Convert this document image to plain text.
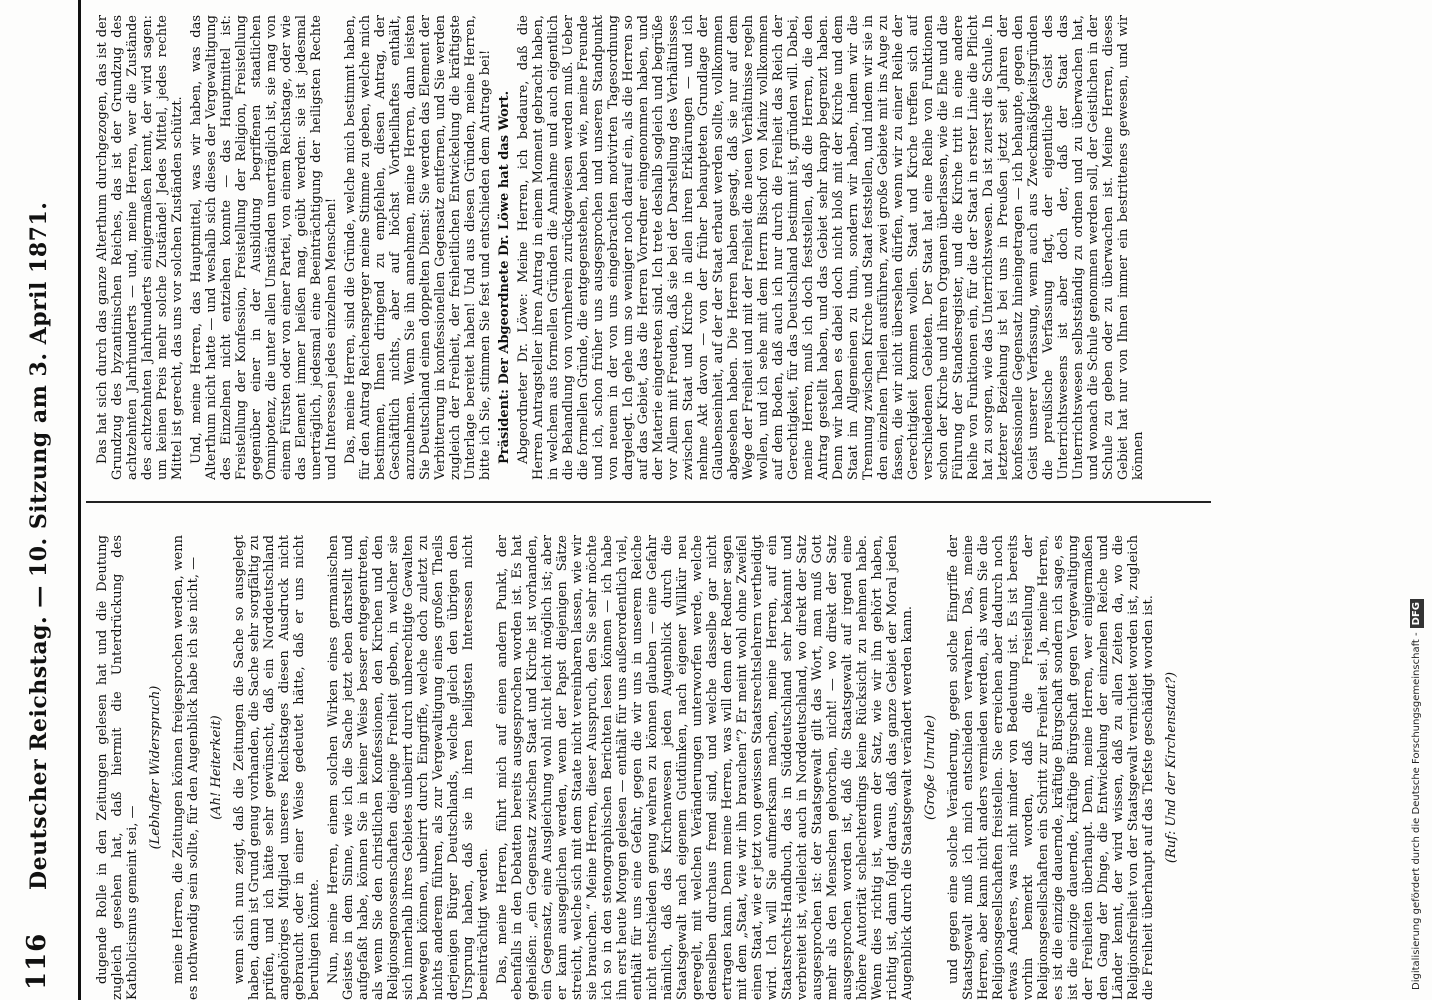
116
Deutscher Reichstag. — 10. Sitzung am 3. April 1871.	dugende Rolle in den Zeitungen gelesen hat und die Deutung zugleich gesehen hat, daß hiermit die Unterdrückung des Katholicismus gemeint sei, —

(Lebhafter Widerspruch) meine Herren, die Zeitungen können freigesprochen werden, wenn es nothwendig sein sollte, für den Augenblick habe ich sie nicht, — (Ah! Heiterkeit) wenn sich nun zeigt, daß die Zeitungen die Sache so ausgelegt haben, dann ist Grund genug vorhanden, die Sache sehr sorgfältig zu prüfen, und ich hätte sehr gewünscht, daß ein Norddeutschland angehöriges Mitglied unseres Reichstages diesen Ausdruck nicht gebraucht oder in einer Weise gedeutet hätte, daß er uns nicht beruhigen könnte. Nun, meine Herren, einem solchen Wirken eines germanischen Geistes in dem Sinne, wie ich die Sache jetzt eben darstellt und aufgefaßt habe, können Sie in keiner Weise besser entgegentreten, als wenn Sie den christlichen Konfessionen, den Kirchen und den Religionsgenossenschaften diejenige Freiheit geben, in welcher sie sich innerhalb ihres Gebietes unbeirrt durch unberechtigte Gewalten bewegen können, unbeirrt durch Eingriffe, welche doch zuletzt zu nichts anderem führen, als zur Vergewaltigung eines großen Theils derjenigen Bürger Deutschlands, welche gleich den übrigen den Ursprung haben, daß sie in ihren heiligsten Interessen nicht beeinträchtigt werden. Das, meine Herren, führt mich auf einen andern Punkt, der ebenfalls in den Debatten bereits ausgesprochen worden ist. Es hat geheißen: „ein Gegensatz zwischen Staat und Kirche ist vorhanden, ein Gegensatz, eine Ausgleichung wohl nicht leicht möglich ist; aber er kann ausgeglichen werden, wenn der Papst diejenigen Sätze streicht, welche sich mit dem Staate nicht vereinbaren lassen, wie wir sie brauchen.“ Meine Herren, dieser Ausspruch, den Sie sehr möchte ich so in den stenographischen Berichten lesen können — ich habe ihn erst heute Morgen gelesen — enthält für uns außerordentlich viel, enthält für uns eine Gefahr, gegen die wir uns in unserem Reiche nicht entschieden genug wehren zu können glauben — eine Gefahr nämlich, daß das Kirchenwesen jeden Augenblick durch die Staatsgewalt nach eigenem Gutdünken, nach eigener Willkür neu geregelt, mit welchen Veränderungen unterworfen werde, welche denselben durchaus fremd sind, und welche dasselbe gar nicht ertragen kann. Denn meine Herren, was will denn der Redner sagen mit dem „Staat, wie wir ihn brauchen“? Er meint wohl ohne Zweifel einen Staat, wie er jetzt von gewissen Staatsrechtslehrern vertheidigt wird. Ich will Sie aufmerksam machen, meine Herren, auf ein Staatsrechts-Handbuch, das in Süddeutschland sehr bekannt und verbreitet ist, vielleicht auch in Norddeutschland, wo direkt der Satz ausgesprochen ist: der Staatsgewalt gilt das Wort, man muß Gott mehr als den Menschen gehorchen, nicht! — wo direkt der Satz ausgesprochen worden ist, daß die Staatsgewalt auf irgend eine höhere Autorität schlechterdings keine Rücksicht zu nehmen habe. Wenn dies richtig ist, wenn der Satz, wie wir ihn gehört haben, richtig ist, dann folgt daraus, daß das ganze Gebiet der Moral jeden Augenblick durch die Staatsgewalt verändert werden kann. (Große Unruhe) und gegen eine solche Veränderung, gegen solche Eingriffe der Staatsgewalt muß ich mich entschieden verwahren. Das, meine Herren, aber kann nicht anders vermieden werden, als wenn Sie die Religionsgesellschaften freistellen. Sie erreichen aber dadurch noch etwas Anderes, was nicht minder von Bedeutung ist. Es ist bereits vorhin bemerkt worden, daß die Freistellung der Religionsgesellschaften ein Schritt zur Freiheit sei. Ja, meine Herren, es ist die einzige dauernde, kräftige Bürgschaft sondern ich sage, es ist die einzige dauernde, kräftige Bürgschaft gegen Vergewaltigung der Freiheiten überhaupt. Denn, meine Herren, wer einigermaßen den Gang der Dinge, die Entwickelung der einzelnen Reiche und Länder kennt, der wird wissen, daß zu allen Zeiten da, wo die Religionsfreiheit von der Staatsgewalt vernichtet worden ist, zugleich die Freiheit überhaupt auf das Tiefste geschädigt worden ist. (Ruf: Und der Kirchenstaat?)

Das hat sich durch das ganze Alterthum durchgezogen, das ist der Grundzug des byzantinischen Reiches, das ist der Grundzug des achtzehnten Jahrhunderts — und, meine Herren, wer die Zustände des achtzehnten Jahrhunderts einigermaßen kennt, der wird sagen: um keinen Preis mehr solche Zustände! Jedes Mittel, jedes rechte Mittel ist gerecht, das uns vor solchen Zuständen schützt. Und, meine Herren, das Hauptmittel, was wir haben, was das Alterthum nicht hatte — und weshalb sich dieses der Vergewaltigung des Einzelnen nicht entziehen konnte — das Hauptmittel ist: Freistellung der Konfession, Freistellung der Religion, Freistellung gegenüber einer in der Ausbildung begriffenen staatlichen Omnipotenz, die unter allen Umständen unerträglich ist, sie mag von einem Fürsten oder von einer Partei, von einem Reichstage, oder wie das Element immer heißen mag, geübt werden: sie ist jedesmal unerträglich, jedesmal eine Beeinträchtigung der heiligsten Rechte und Interessen jedes einzelnen Menschen! Das, meine Herren, sind die Gründe, welche mich bestimmt haben, für den Antrag Reichensperger meine Stimme zu geben, welche mich bestimmen, Ihnen dringend zu empfehlen, diesen Antrag, der Geschäftlich nichts, aber auf höchst Vortheilhaftes enthält, anzunehmen. Wenn Sie ihn annehmen, meine Herren, dann leisten Sie Deutschland einen doppelten Dienst: Sie werden das Element der Verbitterung in konfessionellen Gegensatz entfernen, und Sie werden zugleich der Freiheit, der freiheitlichen Entwickelung die kräftigste Unterlage bereitet haben! Und aus diesen Gründen, meine Herren, bitte ich Sie, stimmen Sie fest und entschieden dem Antrage bei! Präsident: Der Abgeordnete Dr. Löwe hat das Wort. Abgeordneter Dr. Löwe: Meine Herren, ich bedaure, daß die Herren Antragsteller ihren Antrag in einem Moment gebracht haben, in welchem aus formellen Gründen die Annahme und auch eigentlich die Behandlung von vornherein zurückgewiesen werden muß. Ueber die formellen Gründe, die entgegenstehen, haben wie, meine Freunde und ich, schon früher uns ausgesprochen und unseren Standpunkt von neuem in der von uns eingebrachten motivirten Tagesordnung dargelegt. Ich gehe um so weniger noch darauf ein, als die Herren so auf das Gebiet, das die Herren Vorredner eingenommen haben, und der Materie eingetreten sind. Ich trete deshalb sogleich und begrüße vor Allem mit Freuden, daß sie bei der Darstellung des Verhältnisses zwischen Staat und Kirche in allen ihren Erklärungen — und ich nehme Akt davon — von der früher behaupteten Grundlage der Glaubenseinheit, auf der der Staat erbaut werden sollte, vollkommen abgesehen haben. Die Herren haben gesagt, daß sie nur auf dem Wege der Freiheit und mit der Freiheit die neuen Verhältnisse regeln wollen, und ich sehe mit dem Herrn Bischof von Mainz vollkommen auf dem Boden, daß auch ich nur durch die Freiheit das Reich der Gerechtigkeit, für das Deutschland bestimmt ist, gründen will. Dabei, meine Herren, muß ich doch feststellen, daß die Herren, die den Antrag gestellt haben, und das Gebiet sehr knapp begrenzt haben. Denn wir haben es dabei doch nicht bloß mit der Kirche und dem Staat im Allgemeinen zu thun, sondern wir haben, indem wir die Trennung zwischen Kirche und Staat feststellen, und indem wir sie in den einzelnen Theilen ausführen, zwei große Gebiete mit ins Auge zu fassen, die wir nicht übersehen dürfen, wenn wir zu einer Reihe der Gerechtigkeit kommen wollen. Staat und Kirche treffen sich auf verschiedenen Gebieten. Der Staat hat eine Reihe von Funktionen schon der Kirche und ihren Organen überlassen, wie die Ehe und die Führung der Standesregister, und die Kirche tritt in eine andere Reihe von Funktionen ein, für die der Staat in erster Linie die Pflicht hat zu sorgen, wie das Unterrichtswesen. Da ist zuerst die Schule. In letzterer Beziehung ist bei uns in Preußen jetzt seit Jahren der konfessionelle Gegensatz hineingetragen — ich behaupte, gegen den Geist unserer Verfassung, wenn auch aus Zweckmäßigkeitsgründen die preußische Verfassung fagt, der eigentliche Geist des Unterrichtswesens ist aber doch der, daß der Staat das Unterrichtswesen selbstständig zu ordnen und zu überwachen hat, und wonach die Schule genommen werden soll, der Geistlichen in der Schule zu geben oder zu überwachen ist. Meine Herren, dieses Gebiet hat nur von Ihnen immer ein bestrittenes gewesen, und wir können

Digitalisierung gefördert durch die Deutsche Forschungsgemeinschaft -DFG
